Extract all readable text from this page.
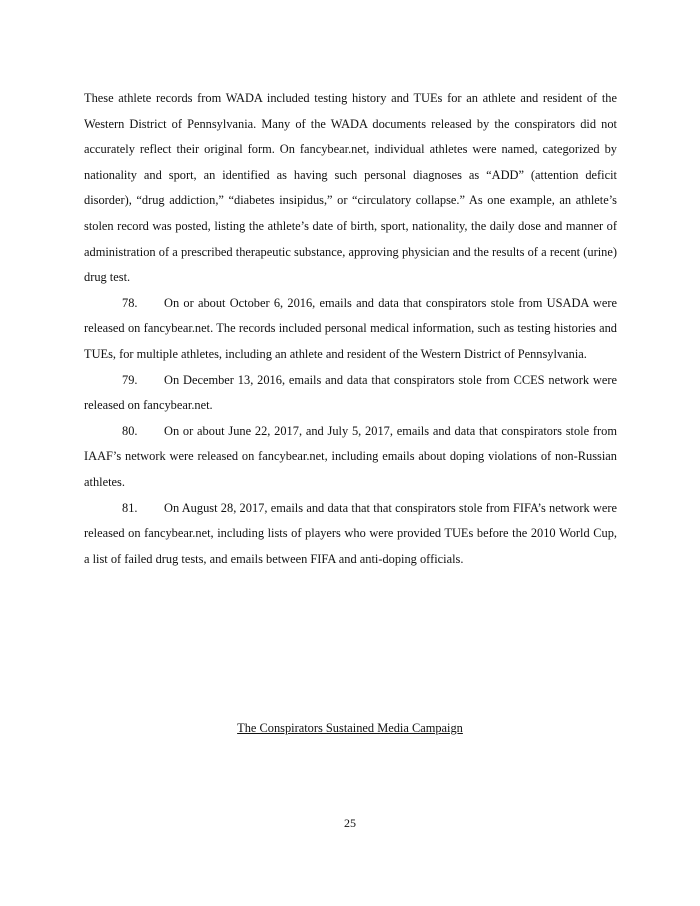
These athlete records from WADA included testing history and TUEs for an athlete and resident of the Western District of Pennsylvania. Many of the WADA documents released by the conspirators did not accurately reflect their original form. On fancybear.net, individual athletes were named, categorized by nationality and sport, an identified as having such personal diagnoses as “ADD” (attention deficit disorder), “drug addiction,” “diabetes insipidus,” or “circulatory collapse.” As one example, an athlete’s stolen record was posted, listing the athlete’s date of birth, sport, nationality, the daily dose and manner of administration of a prescribed therapeutic substance, approving physician and the results of a recent (urine) drug test.

78. On or about October 6, 2016, emails and data that conspirators stole from USADA were released on fancybear.net. The records included personal medical information, such as testing histories and TUEs, for multiple athletes, including an athlete and resident of the Western District of Pennsylvania.

79. On December 13, 2016, emails and data that conspirators stole from CCES network were released on fancybear.net.

80. On or about June 22, 2017, and July 5, 2017, emails and data that conspirators stole from IAAF’s network were released on fancybear.net, including emails about doping violations of non-Russian athletes.

81. On August 28, 2017, emails and data that that conspirators stole from FIFA’s network were released on fancybear.net, including lists of players who were provided TUEs before the 2010 World Cup, a list of failed drug tests, and emails between FIFA and anti-doping officials.

The Conspirators Sustained Media Campaign

25
